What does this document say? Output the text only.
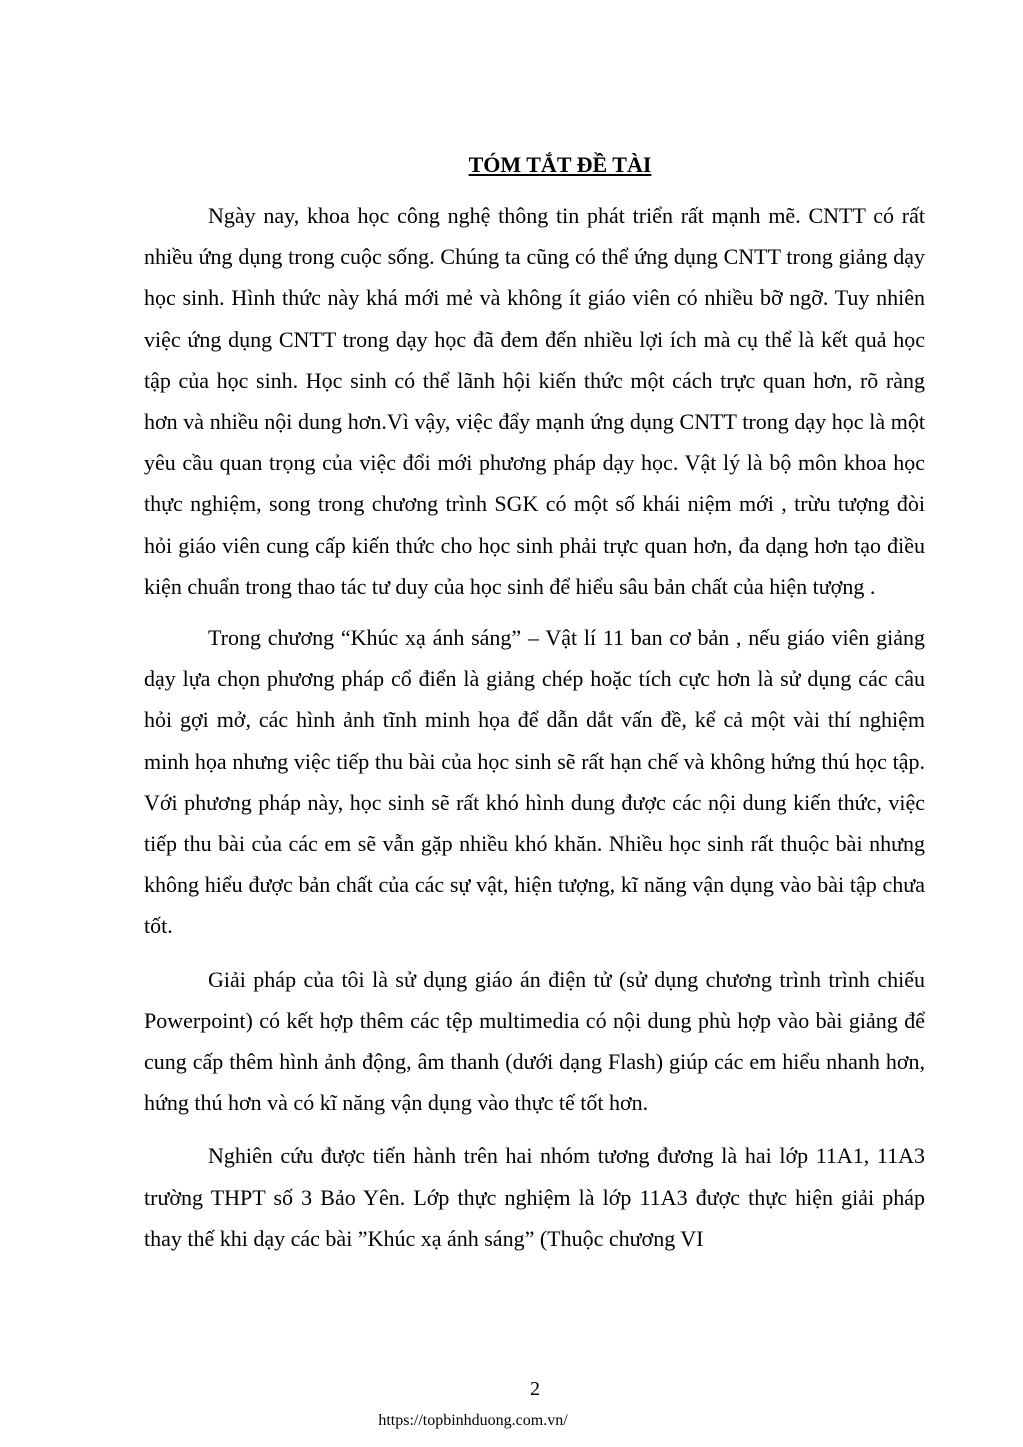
TÓM TẮT ĐỀ TÀI

Ngày nay, khoa học công nghệ thông tin phát triển rất mạnh mẽ. CNTT có rất nhiều ứng dụng trong cuộc sống. Chúng ta cũng có thể ứng dụng CNTT trong giảng dạy học sinh. Hình thức này khá mới mẻ và không ít giáo viên có nhiều bỡ ngỡ. Tuy nhiên việc ứng dụng CNTT trong dạy học đã đem đến nhiều lợi ích mà cụ thể là kết quả học tập của học sinh. Học sinh có thể lãnh hội kiến thức một cách trực quan hơn, rõ ràng hơn và nhiều nội dung hơn.Vì vậy, việc đẩy mạnh ứng dụng CNTT trong dạy học là một yêu cầu quan trọng của việc đổi mới phương pháp dạy học. Vật lý là bộ môn khoa học thực nghiệm, song trong chương trình SGK có một số khái niệm mới , trừu tượng đòi hỏi giáo viên cung cấp kiến thức cho học sinh phải trực quan hơn, đa dạng hơn tạo điều kiện chuẩn trong thao tác tư duy của học sinh để hiểu sâu bản chất của hiện tượng .

Trong chương “Khúc xạ ánh sáng” – Vật lí 11 ban cơ bản , nếu giáo viên giảng dạy lựa chọn phương pháp cổ điển là giảng chép hoặc tích cực hơn là sử dụng các câu hỏi gợi mở, các hình ảnh tĩnh minh họa để dẫn dắt vấn đề, kể cả một vài thí nghiệm minh họa nhưng việc tiếp thu bài của học sinh sẽ rất hạn chế và không hứng thú học tập. Với phương pháp này, học sinh sẽ rất khó hình dung được các nội dung kiến thức, việc tiếp thu bài của các em sẽ vẫn gặp nhiều khó khăn. Nhiều học sinh rất thuộc bài nhưng không hiểu được bản chất của các sự vật, hiện tượng, kĩ năng vận dụng vào bài tập chưa tốt.

Giải pháp của tôi là sử dụng giáo án điện tử (sử dụng chương trình trình chiếu Powerpoint) có kết hợp thêm các tệp multimedia có nội dung phù hợp vào bài giảng để cung cấp thêm hình ảnh động, âm thanh (dưới dạng Flash) giúp các em hiểu nhanh hơn, hứng thú hơn và có kĩ năng vận dụng vào thực tế tốt hơn.

Nghiên cứu được tiến hành trên hai nhóm tương đương là hai lớp 11A1, 11A3 trường THPT số 3 Bảo Yên. Lớp thực nghiệm là lớp 11A3 được thực hiện giải pháp thay thế khi dạy các bài ”Khúc xạ ánh sáng” (Thuộc chương VI

2
https://topbinhduong.com.vn/
